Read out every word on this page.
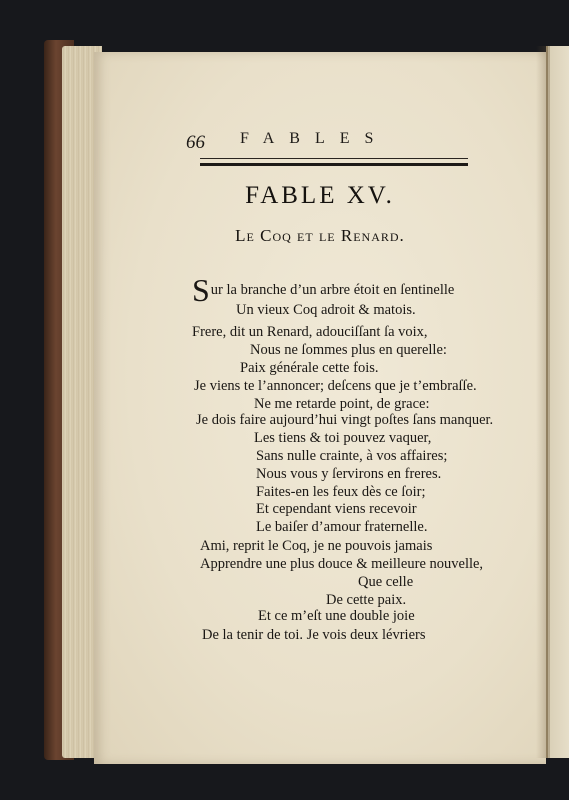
66 FABLES

FABLE XV.
Le Coq et le Renard.
Sur la branche d’un arbre étoit en ſentinelle
Un vieux Coq adroit & matois.
Frere, dit un Renard, adouciſſant ſa voix,
Nous ne ſommes plus en querelle:
Paix générale cette fois.
Je viens te l’annoncer; deſcens que je t’embraſſe.
Ne me retarde point, de grace:
Je dois faire aujourd’hui vingt poſtes ſans manquer.
Les tiens & toi pouvez vaquer,
Sans nulle crainte, à vos affaires;
Nous vous y ſervirons en freres.
Faites-en les feux dès ce ſoir;
Et cependant viens recevoir
Le baiſer d’amour fraternelle.
Ami, reprit le Coq, je ne pouvois jamais
Apprendre une plus douce & meilleure nouvelle,
Que celle
De cette paix.
Et ce m’eſt une double joie
De la tenir de toi. Je vois deux lévriers
